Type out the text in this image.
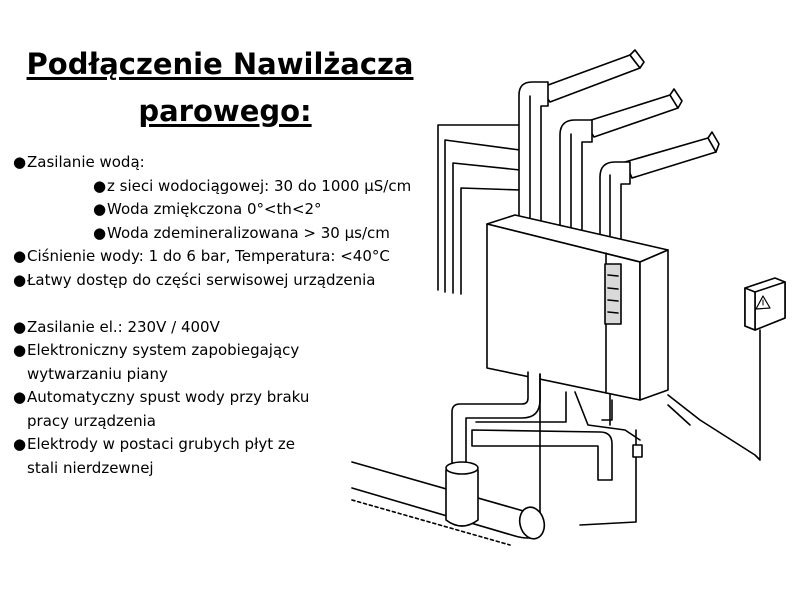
Podłączenie Nawilżacza
parowego:
● Zasilanie wodą:
● z sieci wodociągowej: 30 do 1000 µS/cm
● Woda zmiękczona 0°<th<2°
● Woda zdemineralizowana > 30 µs/cm
● Ciśnienie wody: 1 do 6 bar, Temperatura: <40°C
● Łatwy dostęp do części serwisowej urządzenia
● Zasilanie el.: 230V / 400V
● Elektroniczny system zapobiegający
wytwarzaniu piany
● Automatyczny spust wody przy braku
pracy urządzenia
● Elektrody w postaci grubych płyt ze
stali nierdzewnej
